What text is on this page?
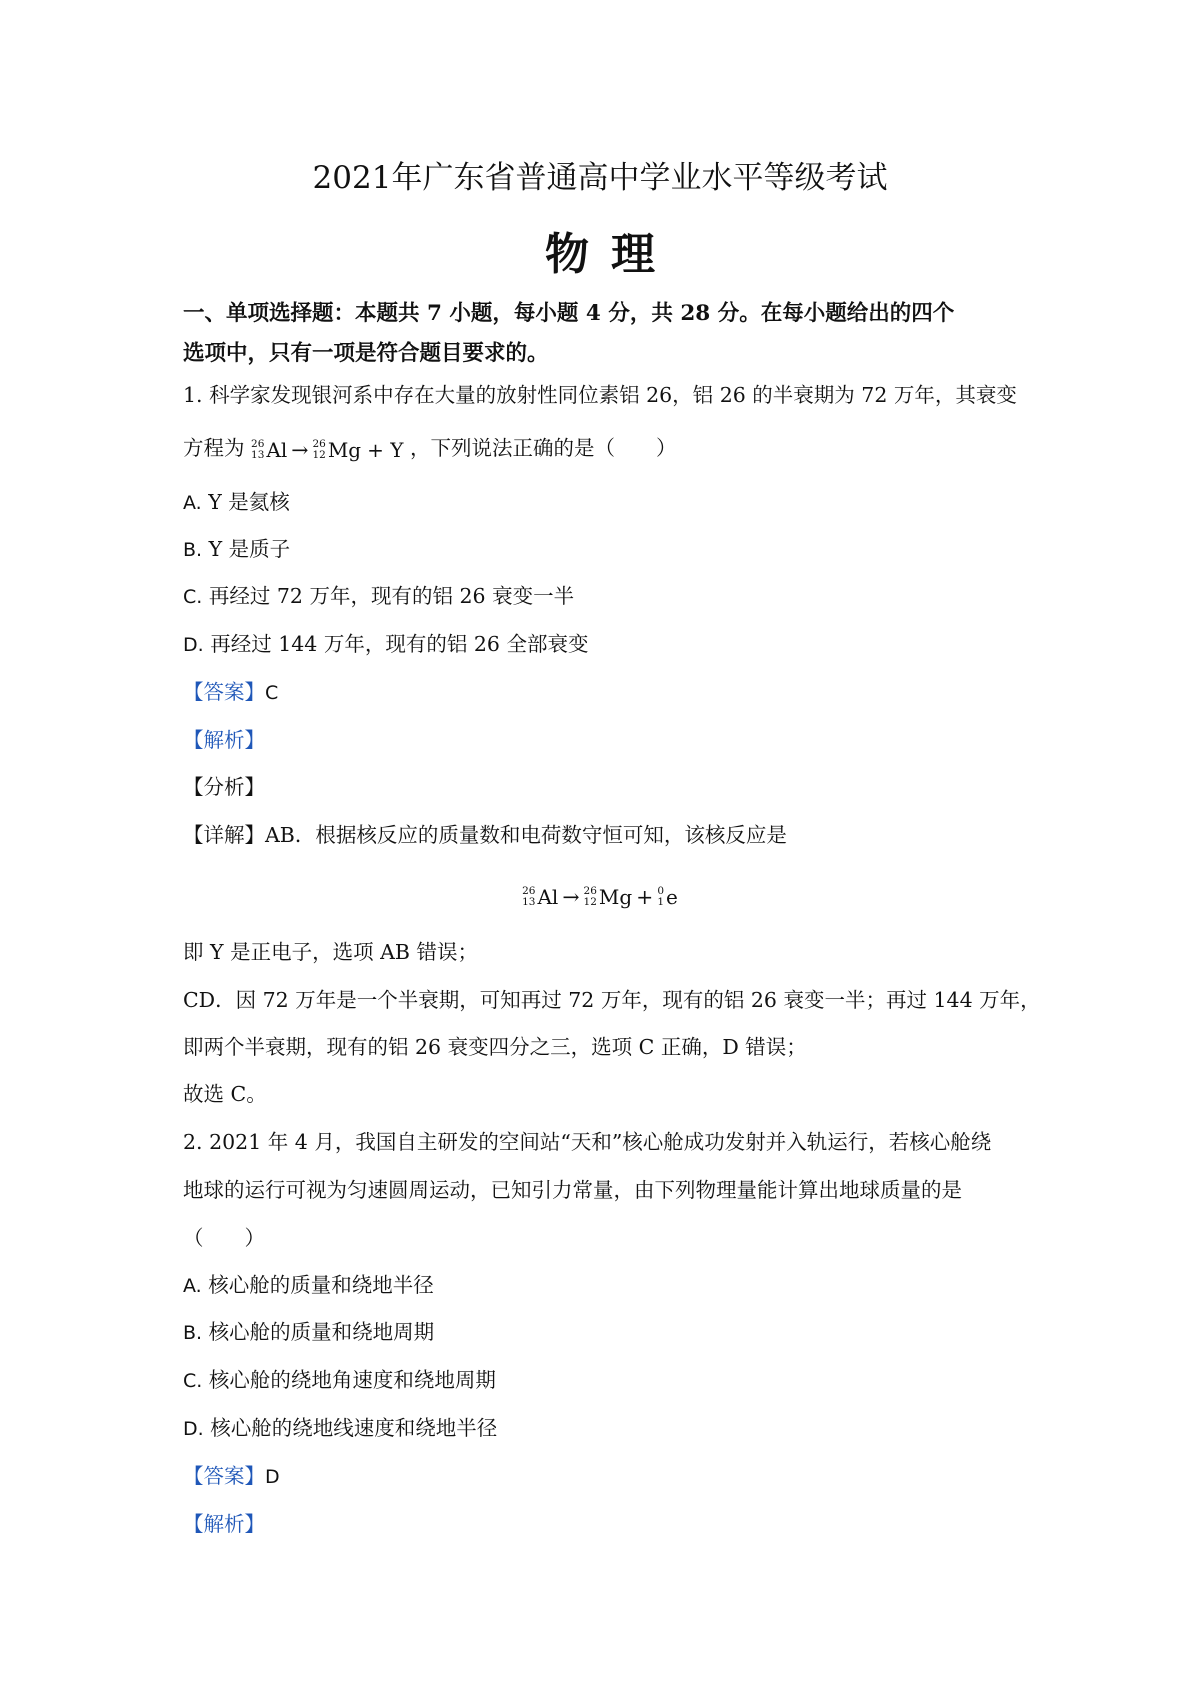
2021年广东省普通高中学业水平等级考试
物理
一、单项选择题：本题共 7 小题，每小题 4 分，共 28 分。在每小题给出的四个
选项中，只有一项是符合题目要求的。
1. 科学家发现银河系中存在大量的放射性同位素铝 26，铝 26 的半衰期为 72 万年，其衰变
方程为 26
13 Al → 26
12 Mg + Y ，下列说法正确的是（　　）
A. Y 是氦核
B. Y 是质子
C. 再经过 72 万年，现有的铝 26 衰变一半
D. 再经过 144 万年，现有的铝 26 全部衰变
【答案】C
【解析】
【分析】
【详解】AB．根据核反应的质量数和电荷数守恒可知，该核反应是
26
13 Al → 26
12 Mg + 0
1 e
即 Y 是正电子，选项 AB 错误；
CD．因 72 万年是一个半衰期，可知再过 72 万年，现有的铝 26 衰变一半；再过 144 万年，
即两个半衰期，现有的铝 26 衰变四分之三，选项 C 正确，D 错误；
故选 C。
2. 2021 年 4 月，我国自主研发的空间站“天和”核心舱成功发射并入轨运行，若核心舱绕
地球的运行可视为匀速圆周运动，已知引力常量，由下列物理量能计算出地球质量的是
（　　）
A. 核心舱的质量和绕地半径
B. 核心舱的质量和绕地周期
C. 核心舱的绕地角速度和绕地周期
D. 核心舱的绕地线速度和绕地半径
【答案】D
【解析】
